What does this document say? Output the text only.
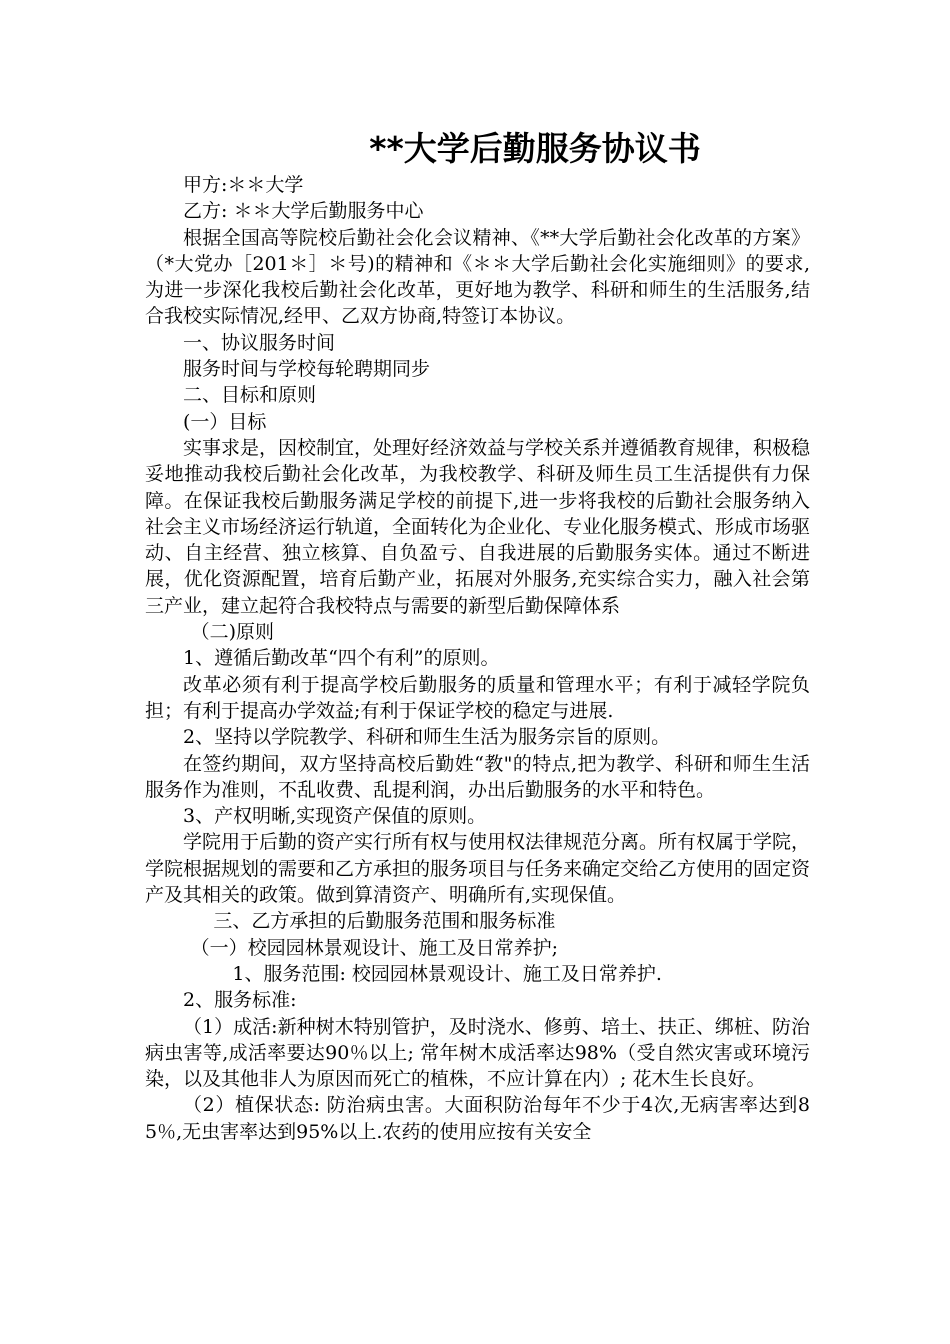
**大学后勤服务协议书

甲方:＊＊大学

乙方: ＊＊大学后勤服务中心

根据全国高等院校后勤社会化会议精神、《**大学后勤社会化改革的方案》（*大党办［201＊］＊号)的精神和《＊＊大学后勤社会化实施细则》的要求,为进一步深化我校后勤社会化改革，更好地为教学、科研和师生的生活服务,结合我校实际情况,经甲、乙双方协商,特签订本协议。

一、协议服务时间

服务时间与学校每轮聘期同步

二、目标和原则

(一）目标

实事求是，因校制宜，处理好经济效益与学校关系并遵循教育规律，积极稳妥地推动我校后勤社会化改革，为我校教学、科研及师生员工生活提供有力保障。在保证我校后勤服务满足学校的前提下,进一步将我校的后勤社会服务纳入社会主义市场经济运行轨道，全面转化为企业化、专业化服务模式、形成市场驱动、自主经营、独立核算、自负盈亏、自我进展的后勤服务实体。通过不断进展，优化资源配置，培育后勤产业，拓展对外服务,充实综合实力，融入社会第三产业，建立起符合我校特点与需要的新型后勤保障体系

（二)原则

1、遵循后勤改革“四个有利”的原则。

改革必须有利于提高学校后勤服务的质量和管理水平；有利于减轻学院负担；有利于提高办学效益;有利于保证学校的稳定与进展.

2、坚持以学院教学、科研和师生生活为服务宗旨的原则。

在签约期间，双方坚持高校后勤姓“教"的特点,把为教学、科研和师生生活服务作为准则，不乱收费、乱提利润，办出后勤服务的水平和特色。

3、产权明晰,实现资产保值的原则。

学院用于后勤的资产实行所有权与使用权法律规范分离。所有权属于学院，学院根据规划的需要和乙方承担的服务项目与任务来确定交给乙方使用的固定资产及其相关的政策。做到算清资产、明确所有,实现保值。

三、乙方承担的后勤服务范围和服务标准

（一）校园园林景观设计、施工及日常养护;

1、服务范围: 校园园林景观设计、施工及日常养护.

2、服务标准:

（1）成活:新种树木特别管护，及时浇水、修剪、培土、扶正、绑桩、防治病虫害等,成活率要达90％以上; 常年树木成活率达98%（受自然灾害或环境污染，以及其他非人为原因而死亡的植株，不应计算在内）; 花木生长良好。

（2）植保状态: 防治病虫害。大面积防治每年不少于4次,无病害率达到85％,无虫害率达到95%以上.农药的使用应按有关安全
